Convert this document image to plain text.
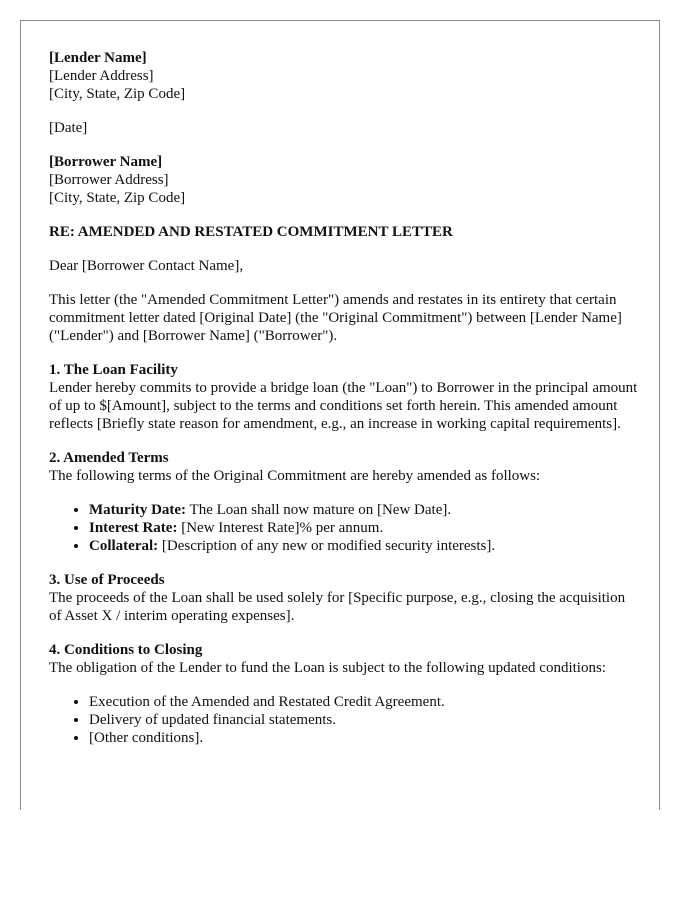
[Lender Name]
[Lender Address]
[City, State, Zip Code]

[Date]

[Borrower Name]
[Borrower Address]
[City, State, Zip Code]

RE: AMENDED AND RESTATED COMMITMENT LETTER

Dear [Borrower Contact Name],

This letter (the "Amended Commitment Letter") amends and restates in its entirety that certain commitment letter dated [Original Date] (the "Original Commitment") between [Lender Name] ("Lender") and [Borrower Name] ("Borrower").

1. The Loan Facility
Lender hereby commits to provide a bridge loan (the "Loan") to Borrower in the principal amount of up to $[Amount], subject to the terms and conditions set forth herein. This amended amount reflects [Briefly state reason for amendment, e.g., an increase in working capital requirements].
2. Amended Terms
The following terms of the Original Commitment are hereby amended as follows:
• Maturity Date: The Loan shall now mature on [New Date].
• Interest Rate: [New Interest Rate]% per annum.
• Collateral: [Description of any new or modified security interests].
3. Use of Proceeds
The proceeds of the Loan shall be used solely for [Specific purpose, e.g., closing the acquisition of Asset X / interim operating expenses].
4. Conditions to Closing
The obligation of the Lender to fund the Loan is subject to the following updated conditions:
• Execution of the Amended and Restated Credit Agreement.
• Delivery of updated financial statements.
• [Other conditions].
